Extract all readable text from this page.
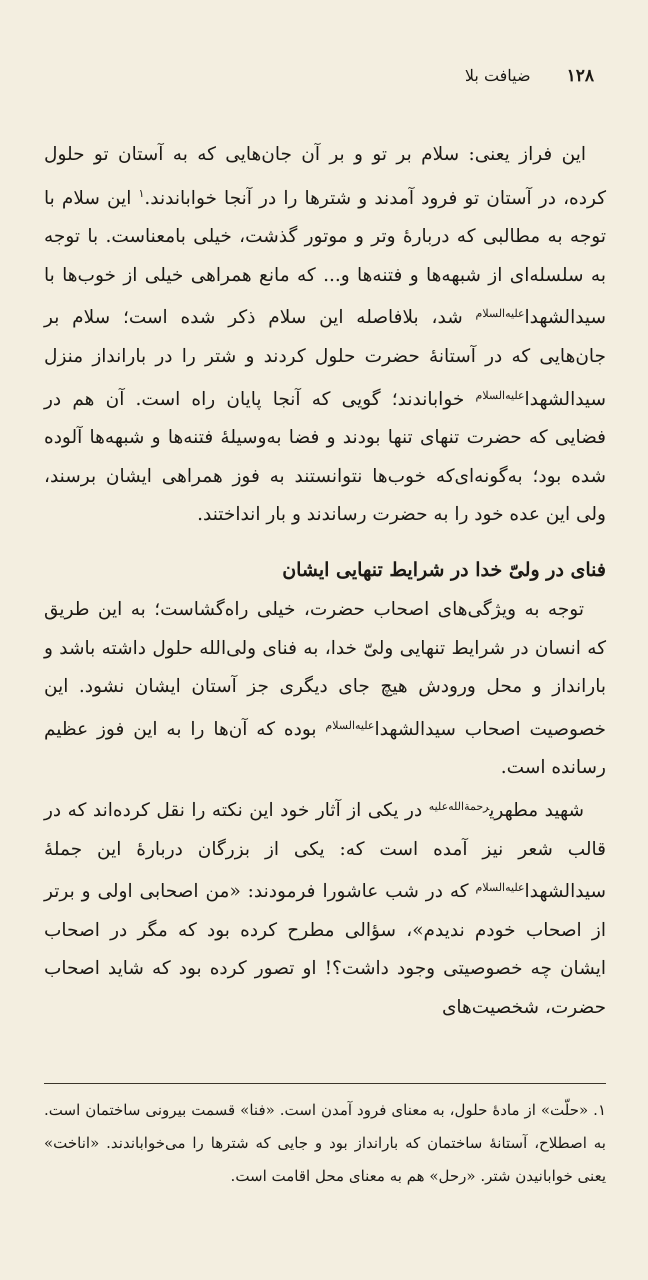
۱۲۸
ضیافت بلا

این فراز یعنی: سلام بر تو و بر آن جان‌هایی که به آستان تو حلول کرده، در آستان تو فرود آمدند و شترها را در آنجا خواباندند.$^۱$ این سلام با توجه به مطالبی که دربارۀ وتر و موتور گذشت، خیلی بامعناست. با توجه به سلسله‌ای از شبهه‌ها و فتنه‌ها و... که مانع همراهی خیلی از خوب‌ها با سیدالشهدا$^{علیه‌السلام}$ شد، بلافاصله این سلام ذکر شده است؛ سلام بر جان‌هایی که در آستانۀ حضرت حلول کردند و شتر را در بارانداز منزل سیدالشهدا$^{علیه‌السلام}$ خواباندند؛ گویی که آنجا پایان راه است. آن هم در فضایی که حضرت تنهای تنها بودند و فضا به‌وسیلۀ فتنه‌ها و شبهه‌ها آلوده شده بود؛ به‌گونه‌ای‌که خوب‌ها نتوانستند به فوز همراهی ایشان برسند، ولی این عده خود را به حضرت رساندند و بار انداختند.

فنای در ولیّ خدا در شرایط تنهایی ایشان

توجه به ویژگی‌های اصحاب حضرت، خیلی راه‌گشاست؛ به این طریق که انسان در شرایط تنهایی ولیّ خدا، به فنای ولی‌الله حلول داشته باشد و بارانداز و محل ورودش هیچ جای دیگری جز آستان ایشان نشود. این خصوصیت اصحاب سیدالشهدا$^{علیه‌السلام}$ بوده که آن‌ها را به این فوز عظیم رسانده است.

شهید مطهری$^{رحمة‌الله‌علیه}$ در یکی از آثار خود این نکته را نقل کرده‌اند که در قالب شعر نیز آمده است که: یکی از بزرگان دربارۀ این جملۀ سیدالشهدا$^{علیه‌السلام}$ که در شب عاشورا فرمودند: «من اصحابی اولی و برتر از اصحاب خودم ندیدم»، سؤالی مطرح کرده بود که مگر در اصحاب ایشان چه خصوصیتی وجود داشت؟! او تصور کرده بود که شاید اصحاب حضرت، شخصیت‌های

۱. «حلّت» از مادۀ حلول، به معنای فرود آمدن است. «فنا» قسمت بیرونی ساختمان است. به اصطلاح، آستانۀ ساختمان که بارانداز بود و جایی که شترها را می‌خواباندند. «اناخت» یعنی خوابانیدن شتر. «رحل» هم به معنای محل اقامت است.
